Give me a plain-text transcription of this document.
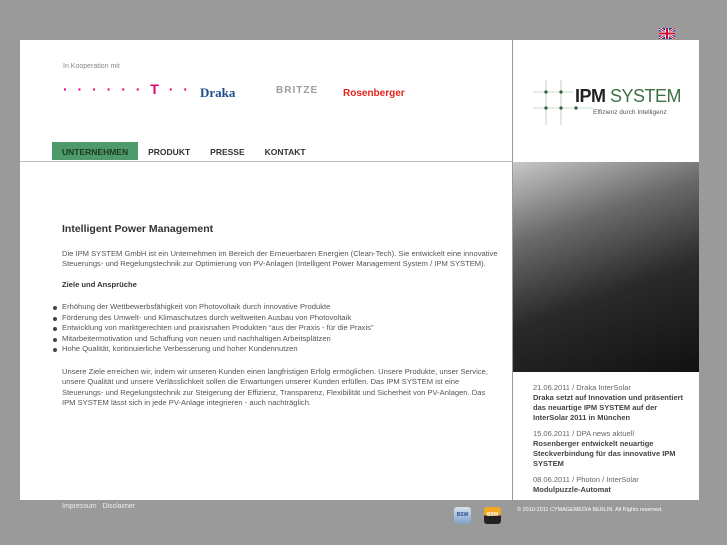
In Kooperation mit
· · · · · · T · · Draka	BRITZE Rosenberger
UNTERNEHMEN	PRODUKT	PRESSE	KONTAKT
Intelligent Power Management

Die IPM SYSTEM GmbH ist ein Unternehmen im Bereich der Erneuerbaren Energien (Clean-Tech). Sie entwickelt eine innovative Steuerungs- und Regelungstechnik zur Optimierung von PV-Anlagen (Intelligent Power Management System / IPM SYSTEM).

Ziele und Ansprüche
Erhöhung der Wettbewerbsfähigkeit von Photovoltaik durch innovative Produkte
Förderung des Umwelt- und Klimaschutzes durch weltweiten Ausbau von Photovoltaik
Entwicklung von marktgerechten und praxisnahen Produkten “aus der Praxis - für die Praxis”
Mitarbeitermotivation und Schaffung von neuen und nachhaltigen Arbeitsplätzen
Hohe Qualität, kontinuierliche Verbesserung und hoher Kundennutzen

Unsere Ziele erreichen wir, indem wir unseren Kunden einen langfristigen Erfolg ermöglichen. Unsere Produkte, unser Service, unsere Qualität und unsere Verlässlichkeit sollen die Erwartungen unserer Kunden erfüllen. Das IPM SYSTEM ist eine Steuerungs- und Regelungstechnik zur Steigerung der Effizienz, Transparenz, Flexibilität und Sicherheit von PV-Anlagen. Das IPM SYSTEM lässt sich in jede PV-Anlage integrieren - auch nachträglich.

IPM SYSTEM
Effizienz durch Intelligenz
21.06.2011 / Draka InterSolar
Draka setzt auf Innovation und präsentiert das neuartige IPM SYSTEM auf der InterSolar 2011 in München
15.06.2011 / DPA news aktuell
Rosenberger entwickelt neuartige Steckverbindung für das innovative IPM SYSTEM
08.06.2011 / Photon / InterSolar
Modulpuzzle-Automat
Impressum Disclaimer
BSW	BSM
© 2010-2011 CYMAGEMEDIA BERLIN. All Rights reserved.
